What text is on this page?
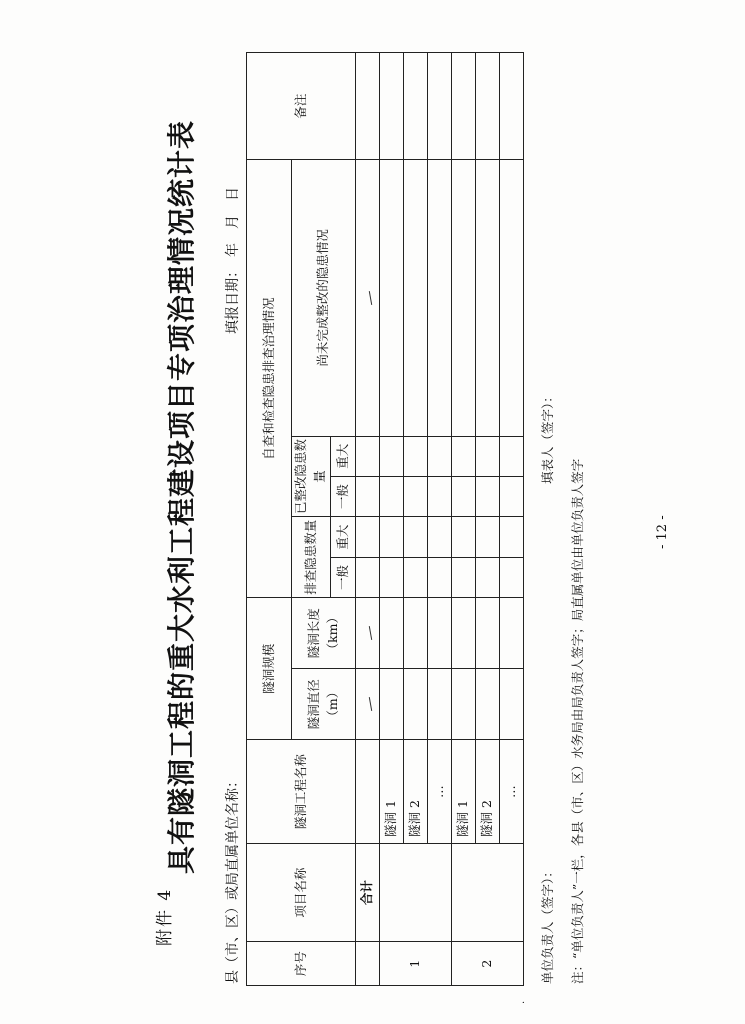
附件 4
具有隧洞工程的重大水利工程建设项目专项治理情况统计表
县（市、区）或局直属单位名称：
填报日期：　年　月　日
序号	项目名称	隧洞工程名称	隧洞规模		自查和检查隐患排查治理情况					备注
			隧洞直径（m）	隧洞长度（km）	排查隐患数量		已整改隐患数量		尚未完成整改的隐患情况	
					一般	重大	一般	重大		
	合计									
1		隧洞 1								
		隧洞 2								
		…								
2		隧洞 1								
		隧洞 2								
		…								
.
单位负责人（签字）：
填表人（签字）：
注：“单位负责人”一栏，各县（市、区）水务局由局负责人签字；局直属单位由单位负责人签字	- 12 -
